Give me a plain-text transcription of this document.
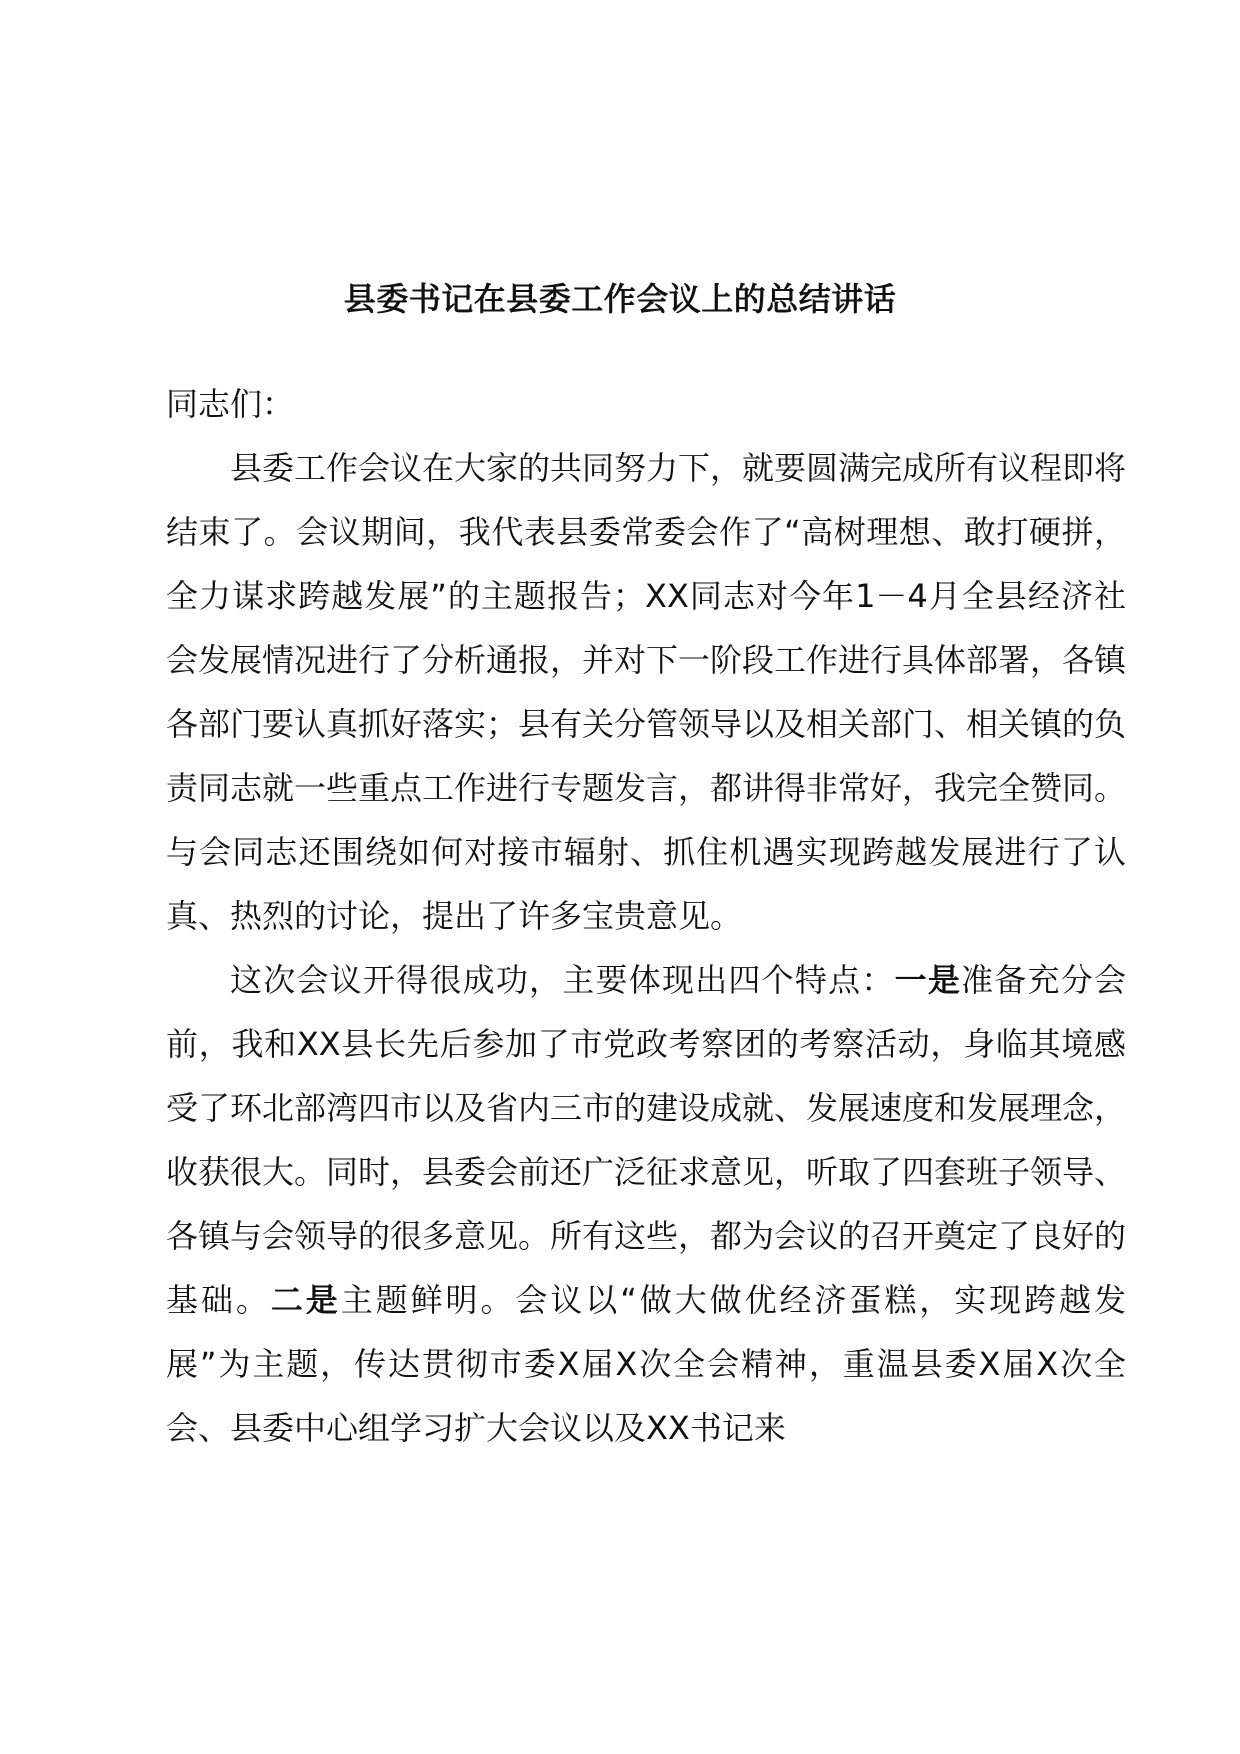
县委书记在县委工作会议上的总结讲话

同志们：

县委工作会议在大家的共同努力下，就要圆满完成所有议程即将结束了。会议期间，我代表县委常委会作了“高树理想、敢打硬拼，全力谋求跨越发展”的主题报告；XX同志对今年1－4月全县经济社会发展情况进行了分析通报，并对下一阶段工作进行具体部署，各镇各部门要认真抓好落实；县有关分管领导以及相关部门、相关镇的负责同志就一些重点工作进行专题发言，都讲得非常好，我完全赞同。与会同志还围绕如何对接市辐射、抓住机遇实现跨越发展进行了认真、热烈的讨论，提出了许多宝贵意见。

这次会议开得很成功，主要体现出四个特点：一是准备充分会前，我和XX县长先后参加了市党政考察团的考察活动，身临其境感受了环北部湾四市以及省内三市的建设成就、发展速度和发展理念，收获很大。同时，县委会前还广泛征求意见，听取了四套班子领导、各镇与会领导的很多意见。所有这些，都为会议的召开奠定了良好的基础。二是主题鲜明。会议以“做大做优经济蛋糕，实现跨越发展”为主题，传达贯彻市委X届X次全会精神，重温县委X届X次全会、县委中心组学习扩大会议以及XX书记来
